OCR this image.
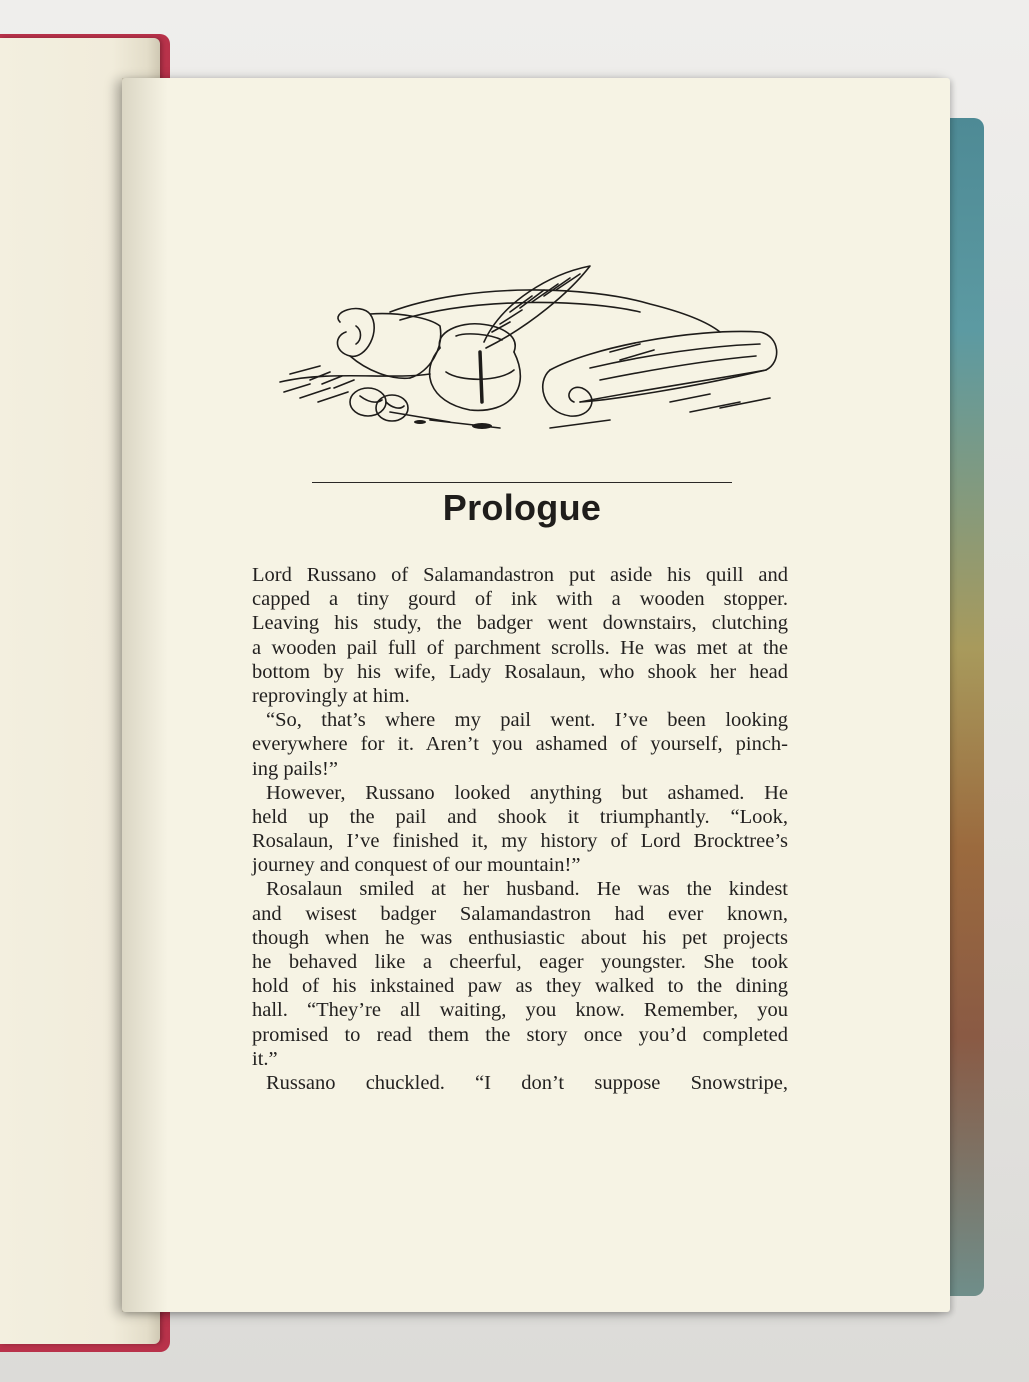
Prologue
Lord Russano of Salamandastron put aside his quill and
capped a tiny gourd of ink with a wooden stopper.
Leaving his study, the badger went downstairs, clutching
a wooden pail full of parchment scrolls. He was met at the
bottom by his wife, Lady Rosalaun, who shook her head
reprovingly at him.
“So, that’s where my pail went. I’ve been looking
everywhere for it. Aren’t you ashamed of yourself, pinch-
ing pails!”
However, Russano looked anything but ashamed. He
held up the pail and shook it triumphantly. “Look,
Rosalaun, I’ve finished it, my history of Lord Brocktree’s
journey and conquest of our mountain!”
Rosalaun smiled at her husband. He was the kindest
and wisest badger Salamandastron had ever known,
though when he was enthusiastic about his pet projects
he behaved like a cheerful, eager youngster. She took
hold of his inkstained paw as they walked to the dining
hall. “They’re all waiting, you know. Remember, you
promised to read them the story once you’d completed
it.”
Russano chuckled. “I don’t suppose Snowstripe,
